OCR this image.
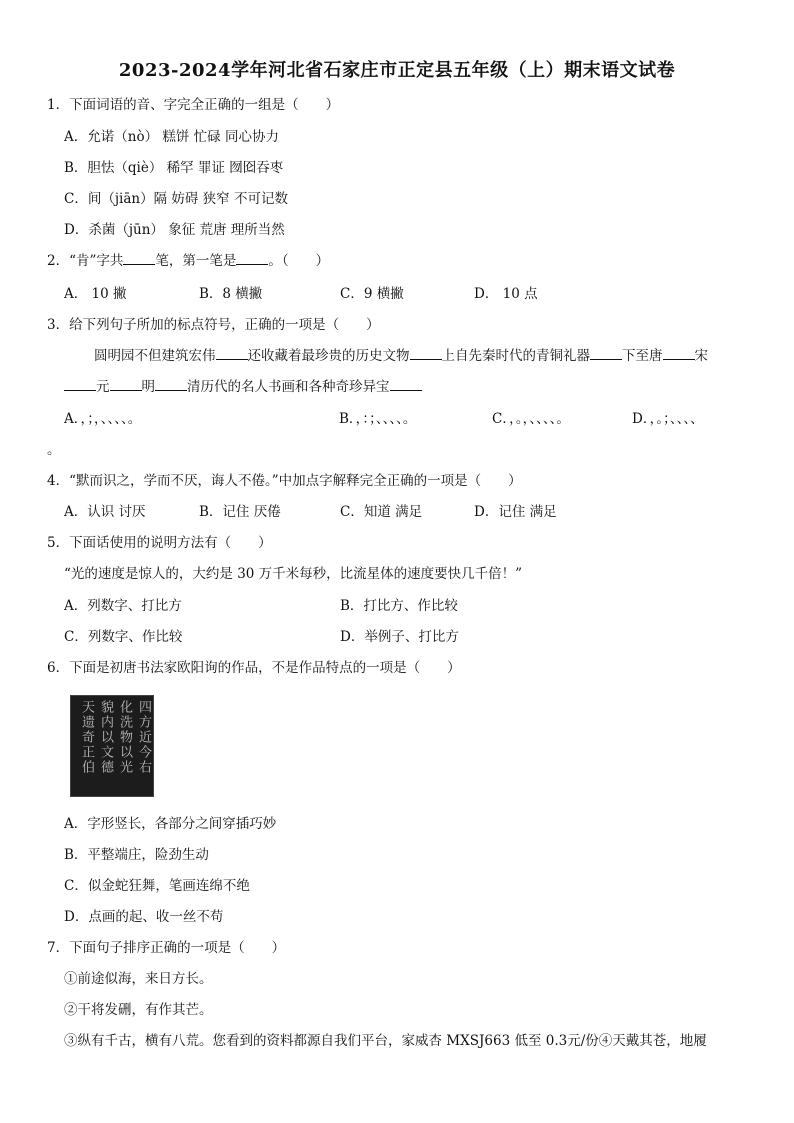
2023-2024学年河北省石家庄市正定县五年级（上）期末语文试卷
1．下面词语的音、字完全正确的一组是（　　）
A．允诺（nò） 糕饼 忙碌 同心协力
B．胆怯（qiè） 稀罕 罪证 囫囵吞枣
C．间（jiān）隔 妨碍 狭窄 不可记数
D．杀菌（jūn） 象征 荒唐 理所当然
2．“肯”字共 笔，第一笔是 。（　　）
A． 10 撇	B．8 横撇	C．9 横撇	D． 10 点
3．给下列句子所加的标点符号，正确的一项是（　　）
圆明园不但建筑宏伟 还收藏着最珍贵的历史文物 上自先秦时代的青铜礼器 下至唐 宋
元 明 清历代的名人书画和各种奇珍异宝
A．，；，、、、、。	B．，：；、、、、。	C．，。，、、、、。	D．，。；、、、、
。
4．“默而识之，学而不厌，诲人不倦。”中加点字解释完全正确的一项是（　　）
A．认识 讨厌	B．记住 厌倦	C．知道 满足	D．记住 满足
5．下面话使用的说明方法有（　　）
“光的速度是惊人的，大约是 30 万千米每秒，比流星体的速度要快几千倍！”
A．列数字、打比方	B．打比方、作比较
C．列数字、作比较	D．举例子、打比方
6．下面是初唐书法家欧阳询的作品，不是作品特点的一项是（　　）
四方近今右
化洗物以光
貌内以文德
天遗奇正伯
A．字形竖长，各部分之间穿插巧妙
B．平整端庄，险劲生动
C．似金蛇狂舞，笔画连绵不绝
D．点画的起、收一丝不苟
7．下面句子排序正确的一项是（　　）
①前途似海，来日方长。
②干将发硎，有作其芒。
③纵有千古，横有八荒。您看到的资料都源自我们平台，家威杏 MXSJ663 低至 0.3元/份④天戴其苍，地履
